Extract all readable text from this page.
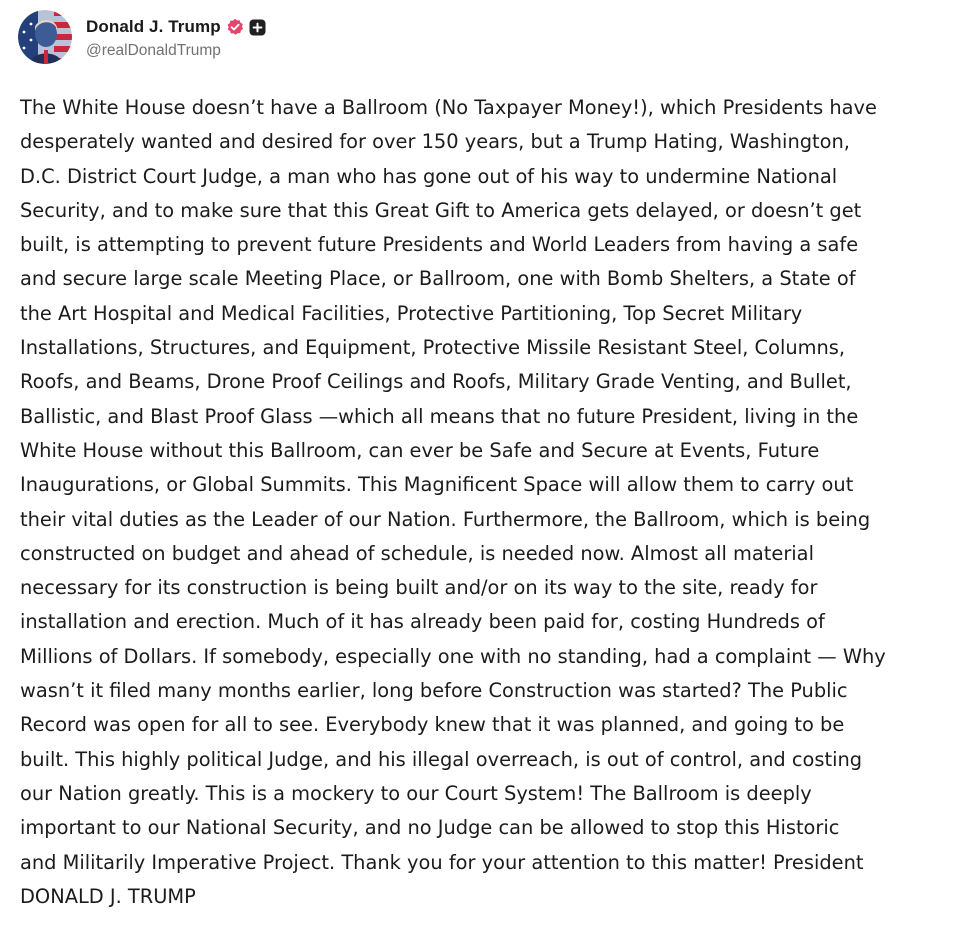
Donald J. Trump
@realDonaldTrump
The White House doesn’t have a Ballroom (No Taxpayer Money!), which Presidents have
desperately wanted and desired for over 150 years, but a Trump Hating, Washington,
D.C. District Court Judge, a man who has gone out of his way to undermine National
Security, and to make sure that this Great Gift to America gets delayed, or doesn’t get
built, is attempting to prevent future Presidents and World Leaders from having a safe
and secure large scale Meeting Place, or Ballroom, one with Bomb Shelters, a State of
the Art Hospital and Medical Facilities, Protective Partitioning, Top Secret Military
Installations, Structures, and Equipment, Protective Missile Resistant Steel, Columns,
Roofs, and Beams, Drone Proof Ceilings and Roofs, Military Grade Venting, and Bullet,
Ballistic, and Blast Proof Glass —which all means that no future President, living in the
White House without this Ballroom, can ever be Safe and Secure at Events, Future
Inaugurations, or Global Summits. This Magnificent Space will allow them to carry out
their vital duties as the Leader of our Nation. Furthermore, the Ballroom, which is being
constructed on budget and ahead of schedule, is needed now. Almost all material
necessary for its construction is being built and/or on its way to the site, ready for
installation and erection. Much of it has already been paid for, costing Hundreds of
Millions of Dollars. If somebody, especially one with no standing, had a complaint — Why
wasn’t it filed many months earlier, long before Construction was started? The Public
Record was open for all to see. Everybody knew that it was planned, and going to be
built. This highly political Judge, and his illegal overreach, is out of control, and costing
our Nation greatly. This is a mockery to our Court System! The Ballroom is deeply
important to our National Security, and no Judge can be allowed to stop this Historic
and Militarily Imperative Project. Thank you for your attention to this matter! President
DONALD J. TRUMP
